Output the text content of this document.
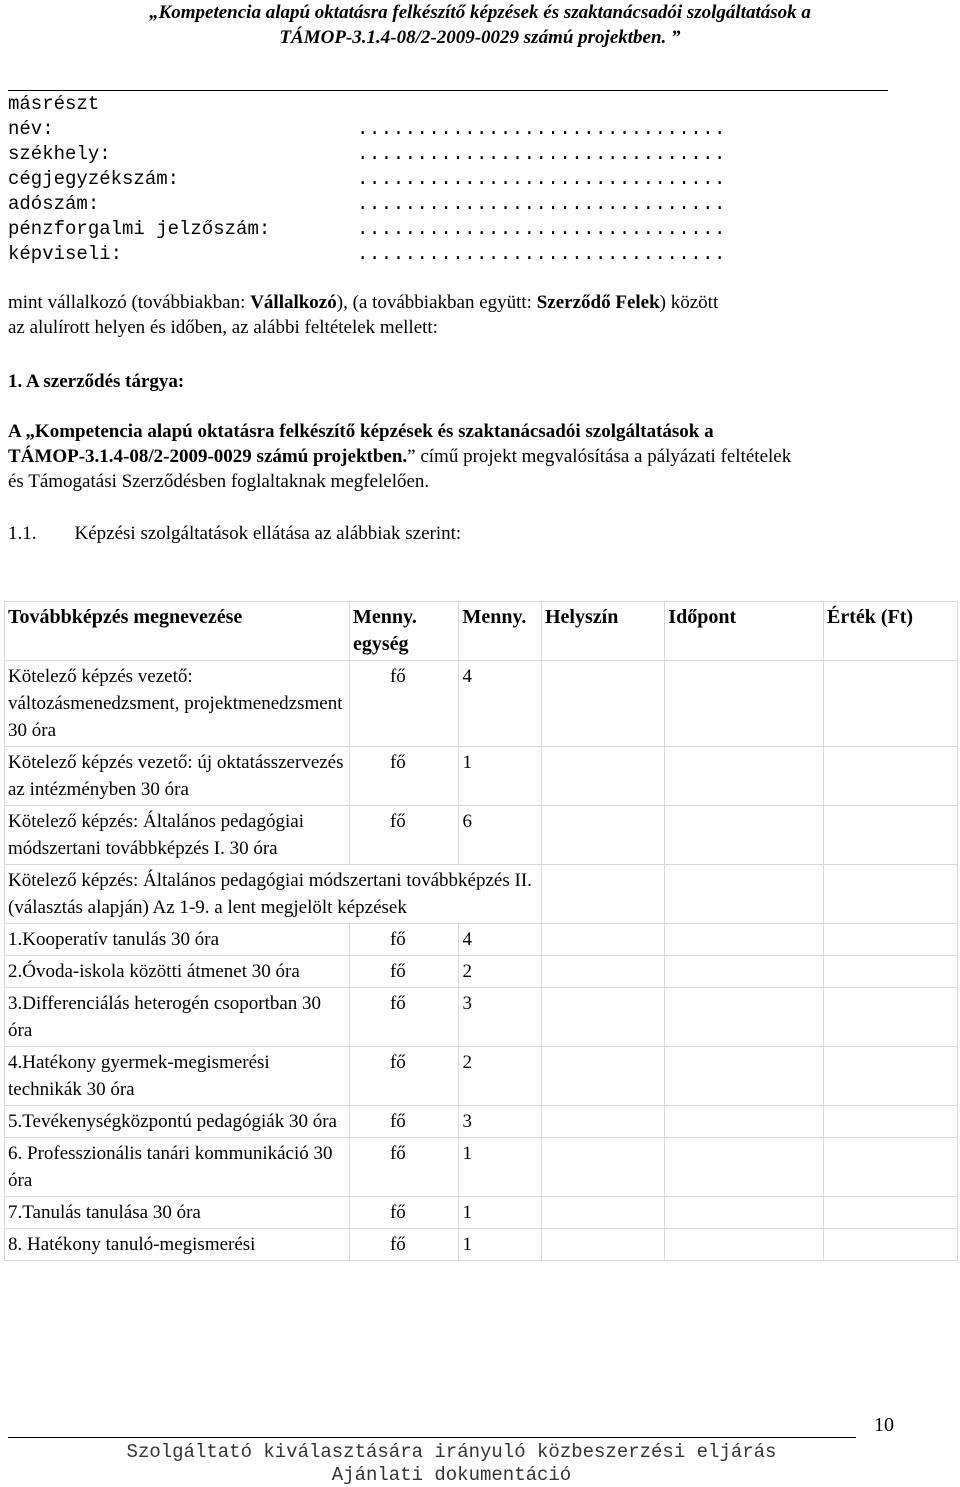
„Kompetencia alapú oktatásra felkészítő képzések és szaktanácsadói szolgáltatások a
TÁMOP-3.1.4-08/2-2009-0029 számú projektben. ”
másrészt
név:	...............................
székhely:	...............................
cégjegyzékszám:	...............................
adószám:	...............................
pénzforgalmi jelzőszám:	...............................
képviseli:	...............................
mint vállalkozó (továbbiakban: Vállalkozó), (a továbbiakban együtt: Szerződő Felek) között
az alulírott helyen és időben, az alábbi feltételek mellett:
1. A szerződés tárgya:
A „Kompetencia alapú oktatásra felkészítő képzések és szaktanácsadói szolgáltatások a
TÁMOP-3.1.4-08/2-2009-0029 számú projektben.” című projekt megvalósítása a pályázati feltételek
és Támogatási Szerződésben foglaltaknak megfelelően.
1.1. Képzési szolgáltatások ellátása az alábbiak szerint:
Továbbképzés megnevezése	Menny. egység	Menny.	Helyszín	Időpont	Érték (Ft)
Kötelező képzés vezető: változásmenedzsment, projektmenedzsment 30 óra	fő	4			
Kötelező képzés vezető: új oktatásszervezés az intézményben 30 óra	fő	1			
Kötelező képzés: Általános pedagógiai módszertani továbbképzés I. 30 óra	fő	6			
Kötelező képzés: Általános pedagógiai módszertani továbbképzés II. (választás alapján) Az 1-9. a lent megjelölt képzések					
1.Kooperatív tanulás 30 óra	fő	4			
2.Óvoda-iskola közötti átmenet 30 óra	fő	2			
3.Differenciálás heterogén csoportban 30 óra	fő	3			
4.Hatékony gyermek-megismerési technikák 30 óra	fő	2			
5.Tevékenységközpontú pedagógiák 30 óra	fő	3			
6. Professzionális tanári kommunikáció 30 óra	fő	1			
7.Tanulás tanulása 30 óra	fő	1			
8. Hatékony tanuló-megismerési	fő	1			
10
Szolgáltató kiválasztására irányuló közbeszerzési eljárás
Ajánlati dokumentáció
